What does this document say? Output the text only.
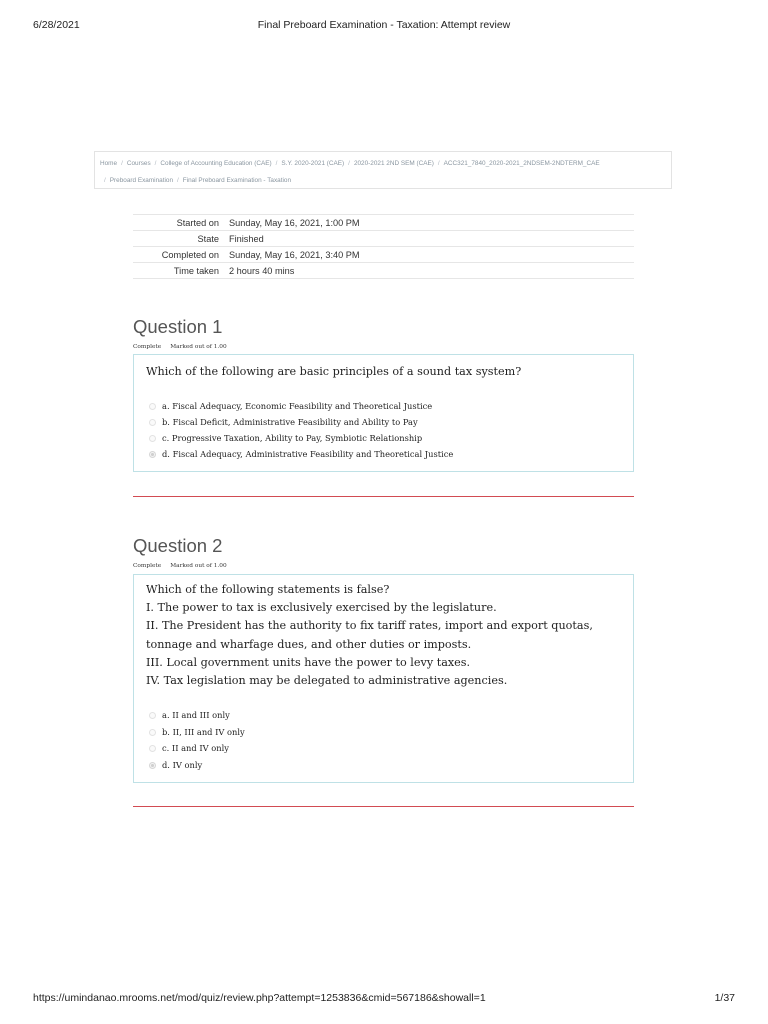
6/28/2021	Final Preboard Examination - Taxation: Attempt review
Home / Courses / College of Accounting Education (CAE) / S.Y. 2020-2021 (CAE) / 2020-2021 2ND SEM (CAE) / ACC321_7840_2020-2021_2NDSEM-2NDTERM_CAE
/ Preboard Examination / Final Preboard Examination - Taxation
Started on	Sunday, May 16, 2021, 1:00 PM
State	Finished
Completed on	Sunday, May 16, 2021, 3:40 PM
Time taken	2 hours 40 mins
Question 1
Complete Marked out of 1.00
Which of the following are basic principles of a sound tax system?
a. Fiscal Adequacy, Economic Feasibility and Theoretical Justice
b. Fiscal Deficit, Administrative Feasibility and Ability to Pay
c. Progressive Taxation, Ability to Pay, Symbiotic Relationship
d. Fiscal Adequacy, Administrative Feasibility and Theoretical Justice
Question 2
Complete Marked out of 1.00
Which of the following statements is false?
I. The power to tax is exclusively exercised by the legislature.
II. The President has the authority to fix tariff rates, import and export quotas, tonnage and wharfage dues, and other duties or imposts.
III. Local government units have the power to levy taxes.
IV. Tax legislation may be delegated to administrative agencies.
a. II and III only
b. II, III and IV only
c. II and IV only
d. IV only
https://umindanao.mrooms.net/mod/quiz/review.php?attempt=1253836&cmid=567186&showall=1	1/37
